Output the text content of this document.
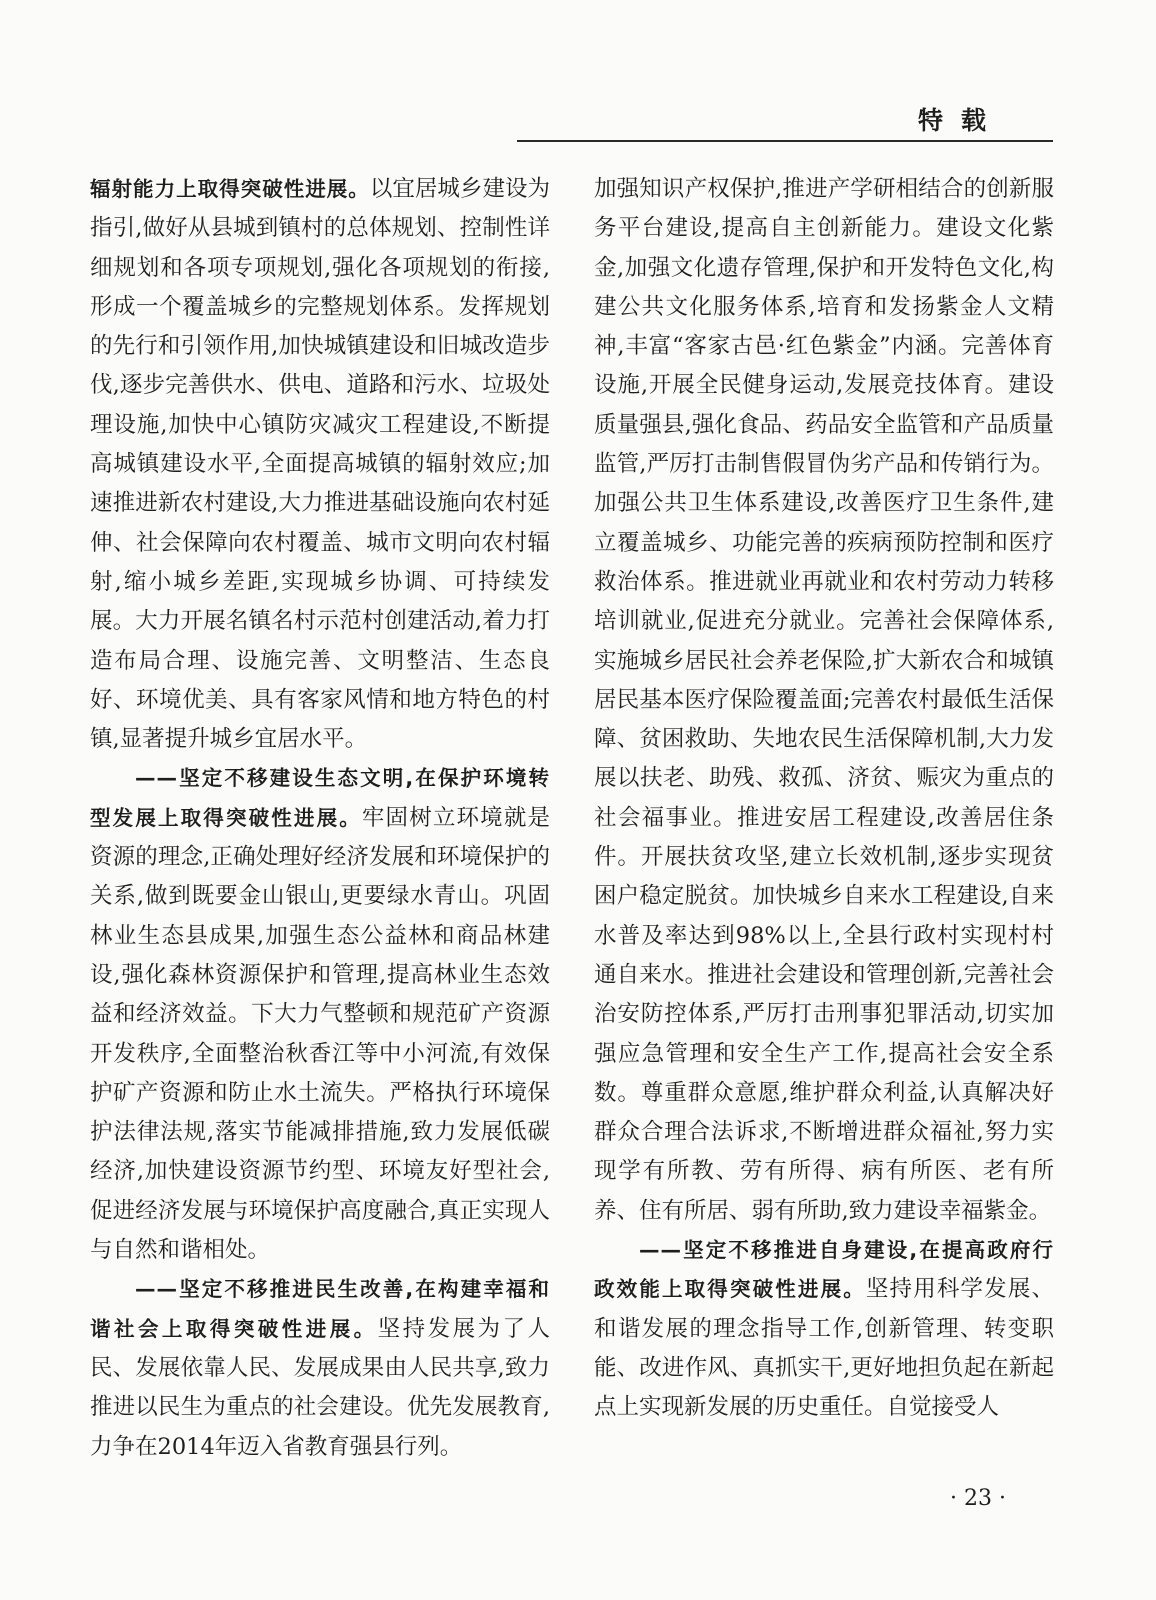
特载

辐射能力上取得突破性进展。以宜居城乡建设为指引,做好从县城到镇村的总体规划、控制性详细规划和各项专项规划,强化各项规划的衔接,形成一个覆盖城乡的完整规划体系。发挥规划的先行和引领作用,加快城镇建设和旧城改造步伐,逐步完善供水、供电、道路和污水、垃圾处理设施,加快中心镇防灾减灾工程建设,不断提高城镇建设水平,全面提高城镇的辐射效应;加速推进新农村建设,大力推进基础设施向农村延伸、社会保障向农村覆盖、城市文明向农村辐射,缩小城乡差距,实现城乡协调、可持续发展。大力开展名镇名村示范村创建活动,着力打造布局合理、设施完善、文明整洁、生态良好、环境优美、具有客家风情和地方特色的村镇,显著提升城乡宜居水平。

——坚定不移建设生态文明,在保护环境转型发展上取得突破性进展。牢固树立环境就是资源的理念,正确处理好经济发展和环境保护的关系,做到既要金山银山,更要绿水青山。巩固林业生态县成果,加强生态公益林和商品林建设,强化森林资源保护和管理,提高林业生态效益和经济效益。下大力气整顿和规范矿产资源开发秩序,全面整治秋香江等中小河流,有效保护矿产资源和防止水土流失。严格执行环境保护法律法规,落实节能减排措施,致力发展低碳经济,加快建设资源节约型、环境友好型社会,促进经济发展与环境保护高度融合,真正实现人与自然和谐相处。

——坚定不移推进民生改善,在构建幸福和谐社会上取得突破性进展。坚持发展为了人民、发展依靠人民、发展成果由人民共享,致力推进以民生为重点的社会建设。优先发展教育,力争在2014年迈入省教育强县行列。

加强知识产权保护,推进产学研相结合的创新服务平台建设,提高自主创新能力。建设文化紫金,加强文化遗存管理,保护和开发特色文化,构建公共文化服务体系,培育和发扬紫金人文精神,丰富“客家古邑·红色紫金”内涵。完善体育设施,开展全民健身运动,发展竞技体育。建设质量强县,强化食品、药品安全监管和产品质量监管,严厉打击制售假冒伪劣产品和传销行为。加强公共卫生体系建设,改善医疗卫生条件,建立覆盖城乡、功能完善的疾病预防控制和医疗救治体系。推进就业再就业和农村劳动力转移培训就业,促进充分就业。完善社会保障体系,实施城乡居民社会养老保险,扩大新农合和城镇居民基本医疗保险覆盖面;完善农村最低生活保障、贫困救助、失地农民生活保障机制,大力发展以扶老、助残、救孤、济贫、赈灾为重点的社会福事业。推进安居工程建设,改善居住条件。开展扶贫攻坚,建立长效机制,逐步实现贫困户稳定脱贫。加快城乡自来水工程建设,自来水普及率达到98%以上,全县行政村实现村村通自来水。推进社会建设和管理创新,完善社会治安防控体系,严厉打击刑事犯罪活动,切实加强应急管理和安全生产工作,提高社会安全系数。尊重群众意愿,维护群众利益,认真解决好群众合理合法诉求,不断增进群众福祉,努力实现学有所教、劳有所得、病有所医、老有所养、住有所居、弱有所助,致力建设幸福紫金。

——坚定不移推进自身建设,在提高政府行政效能上取得突破性进展。坚持用科学发展、和谐发展的理念指导工作,创新管理、转变职能、改进作风、真抓实干,更好地担负起在新起点上实现新发展的历史重任。自觉接受人

· 23 ·
